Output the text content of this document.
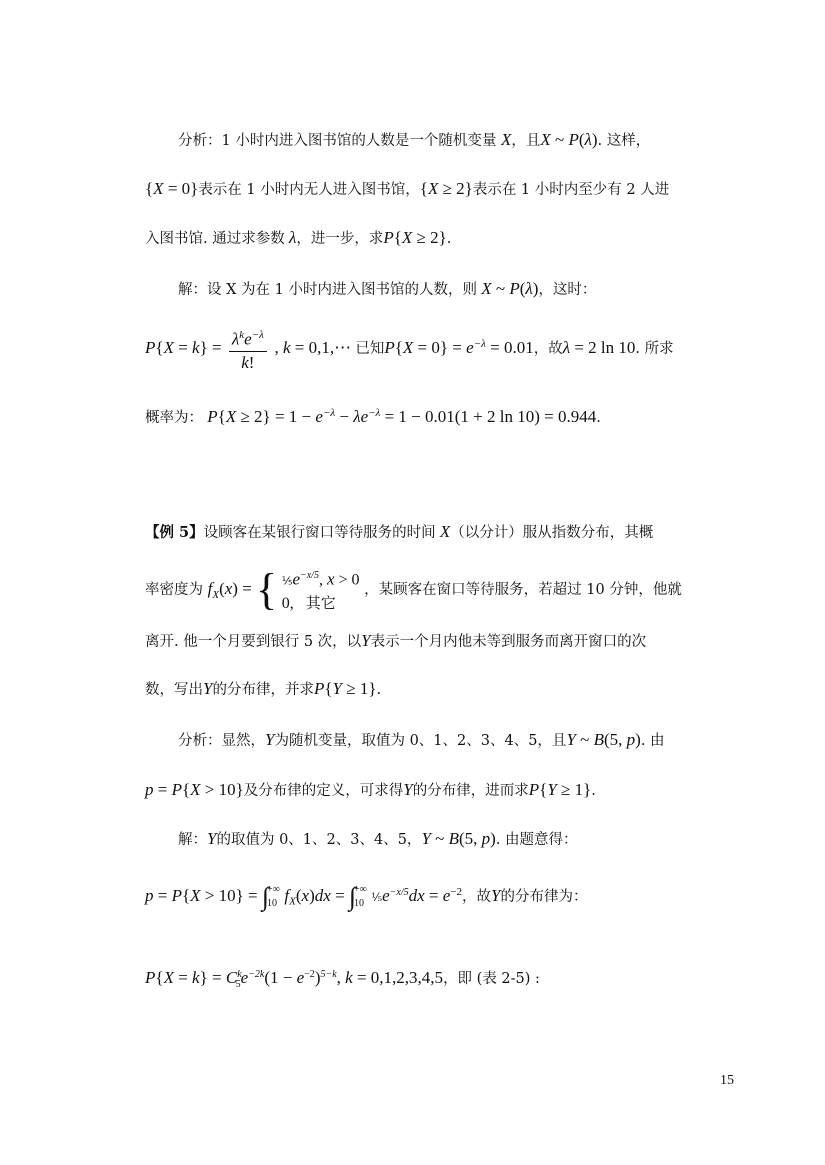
分析：1 小时内进入图书馆的人数是一个随机变量 X，且X ~ P(λ). 这样，
{X = 0}表示在 1 小时内无人进入图书馆，{X ≥ 2}表示在 1 小时内至少有 2 人进
入图书馆. 通过求参数 λ，进一步，求P{X ≥ 2}.
解：设 X 为在 1 小时内进入图书馆的人数，则 X ~ P(λ)，这时：
$P\{X = k\} = \frac{\lambda^ke^{-\lambda}}{k!}$ , k = 0,1,⋯ 已知$P\{X = 0\} = e^{-\lambda} = 0.01$，故λ = 2 ln 10. 所求
概率为： $P\{X \ge 2\} = 1 - e^{-\lambda} - \lambda e^{-\lambda} = 1 - 0.01(1 + 2$ ln 10) = 0.944.
【例 5】设顾客在某银行窗口等待服务的时间 X（以分计）服从指数分布，其概
率密度为 $f_X(x)$ = { $\frac{1}{5}e^{-x/5}$, x > 0
0,   其它
，某顾客在窗口等待服务，若超过 10 分钟，他就
离开. 他一个月要到银行 5 次，以Y表示一个月内他未等到服务而离开窗口的次
数，写出Y的分布律，并求P{Y ≥ 1}.
分析：显然，Y为随机变量，取值为 0、1、2、3、4、5，且Y ~ B(5, p). 由
p = P{X > 10}及分布律的定义，可求得Y的分布律，进而求P{Y ≥ 1}.
解：Y的取值为 0、1、2、3、4、5，Y ~ B(5, p). 由题意得：
p = P{X > 10} = ∫
+∞
10 $f_X(x)dx$ = ∫
+∞
10 $\frac{1}{5}e^{-x/5}dx = e^{-2}$，故Y的分布律为：
$P\{X = k\} = C^k_5e^{-2k}(1 - e^{-2})^{5-k}$, k = 0,1,2,3,4,5，即 (表 2-5) :
15
